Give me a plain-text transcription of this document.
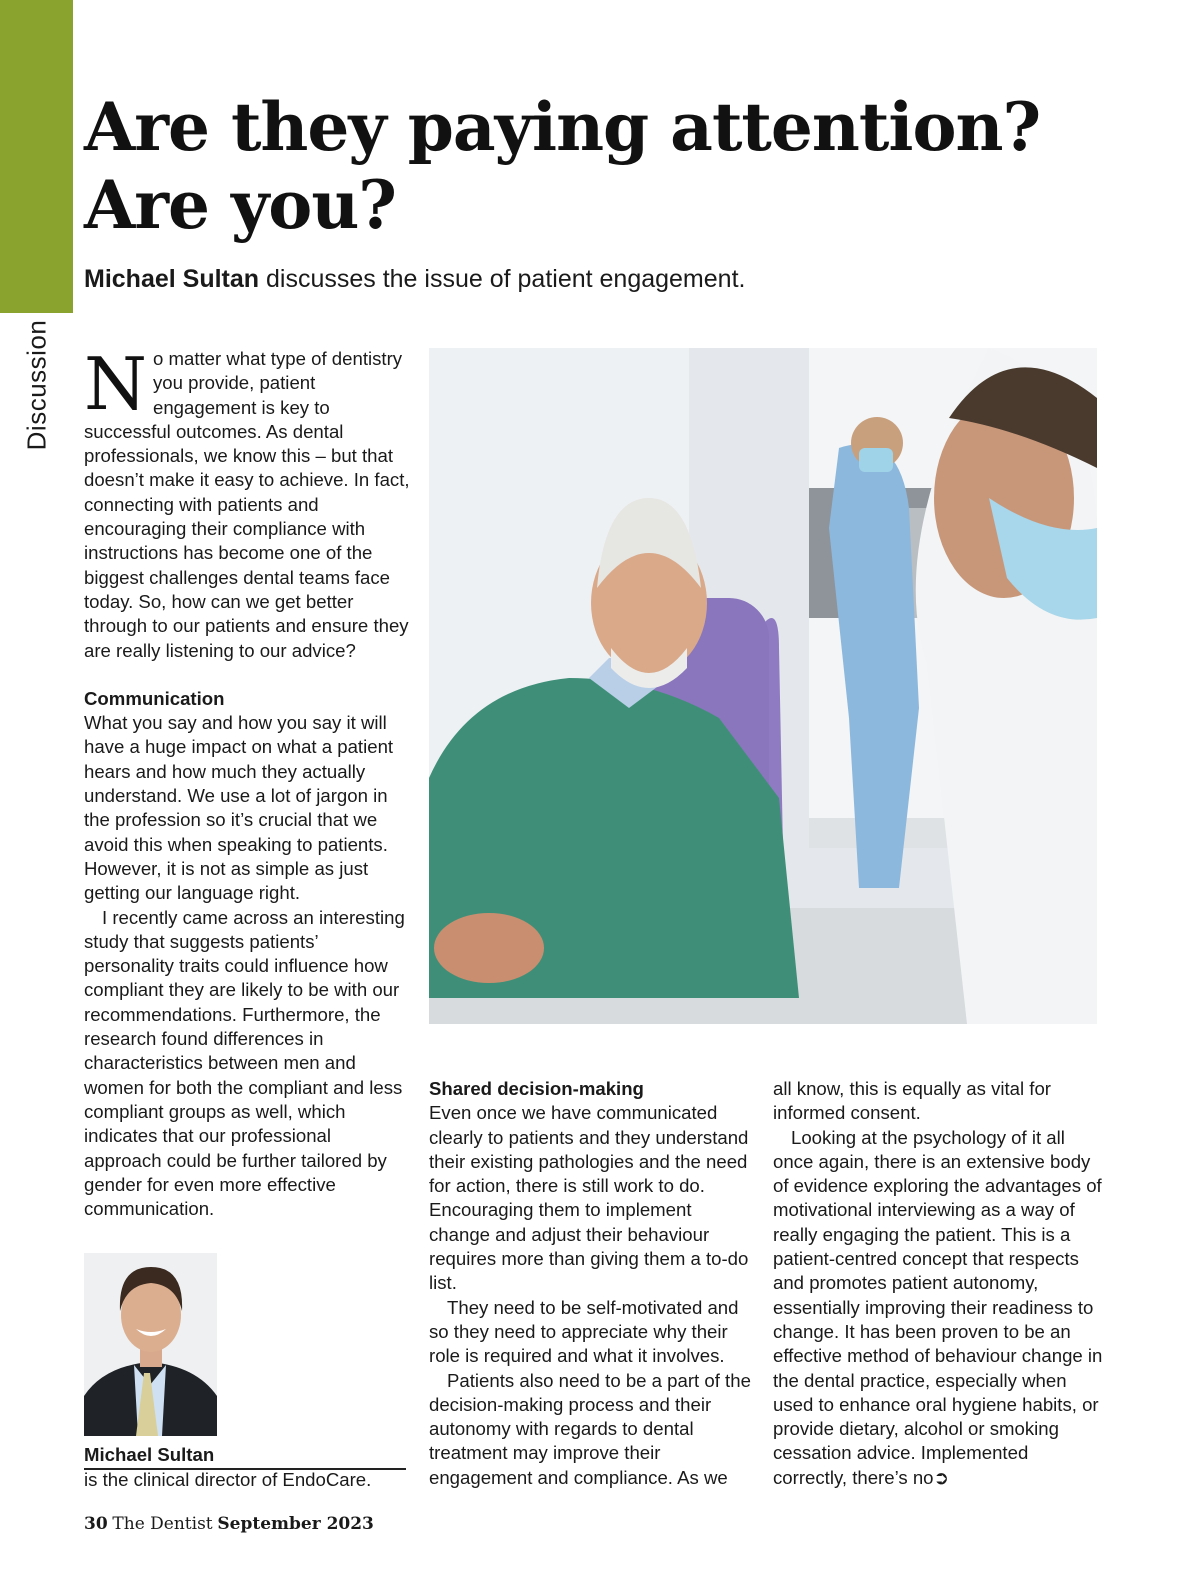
Discussion
Are they paying attention?
Are you?

Michael Sultan discusses the issue of patient engagement.

No matter what type of dentistry you provide, patient engagement is key to successful outcomes. As dental professionals, we know this – but that doesn’t make it easy to achieve. In fact, connecting with patients and encouraging their compliance with instructions has become one of the biggest challenges dental teams face today. So, how can we get better through to our patients and ensure they are really listening to our advice?

Communication

What you say and how you say it will have a huge impact on what a patient hears and how much they actually understand. We use a lot of jargon in the profession so it’s crucial that we avoid this when speaking to patients. However, it is not as simple as just getting our language right.

I recently came across an interesting study that suggests patients’ personality traits could influence how compliant they are likely to be with our recommendations. Furthermore, the research found differences in characteristics between men and women for both the compliant and less compliant groups as well, which indicates that our professional approach could be further tailored by gender for even more effective communication.

Shared decision-making

Even once we have communicated clearly to patients and they understand their existing pathologies and the need for action, there is still work to do. Encouraging them to implement change and adjust their behaviour requires more than giving them a to-do list.

They need to be self-motivated and so they need to appreciate why their role is required and what it involves.

Patients also need to be a part of the decision-making process and their autonomy with regards to dental treatment may improve their engagement and compliance. As we

all know, this is equally as vital for informed consent.

Looking at the psychology of it all once again, there is an extensive body of evidence exploring the advantages of motivational interviewing as a way of really engaging the patient. This is a patient-centred concept that respects and promotes patient autonomy, essentially improving their readiness to change. It has been proven to be an effective method of behaviour change in the dental practice, especially when used to enhance oral hygiene habits, or provide dietary, alcohol or smoking cessation advice. Implemented correctly, there’s no➲

Michael Sultan
is the clinical director of EndoCare.
30 The Dentist September 2023
